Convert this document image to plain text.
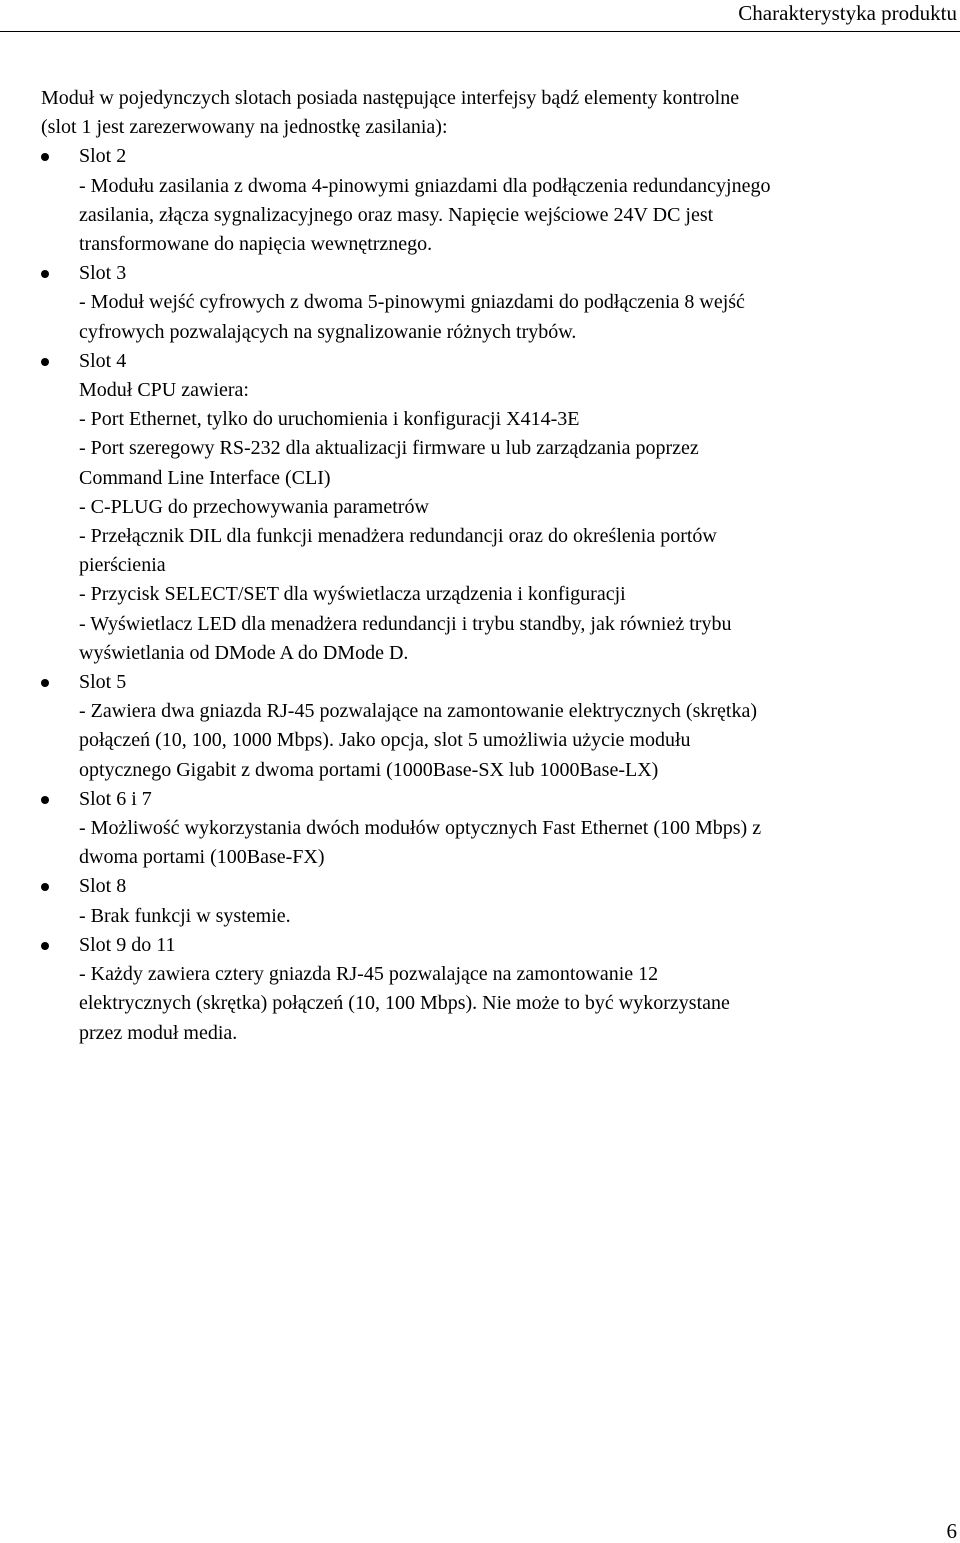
Charakterystyka produktu

Moduł w pojedynczych slotach posiada następujące interfejsy bądź elementy kontrolne

(slot 1 jest zarezerwowany na jednostkę zasilania):

Slot 2
- Modułu zasilania z dwoma 4-pinowymi gniazdami dla podłączenia redundancyjnego
zasilania, złącza sygnalizacyjnego oraz masy. Napięcie wejściowe 24V DC jest
transformowane do napięcia wewnętrznego.
Slot 3
- Moduł wejść cyfrowych z dwoma 5-pinowymi gniazdami do podłączenia 8 wejść
cyfrowych pozwalających na sygnalizowanie różnych trybów.
Slot 4
Moduł CPU zawiera:
- Port Ethernet, tylko do uruchomienia i konfiguracji X414-3E
- Port szeregowy RS-232 dla aktualizacji firmware u lub zarządzania poprzez
Command Line Interface (CLI)
- C-PLUG do przechowywania parametrów
- Przełącznik DIL dla funkcji menadżera redundancji oraz do określenia portów
pierścienia
- Przycisk SELECT/SET dla wyświetlacza urządzenia i konfiguracji
- Wyświetlacz LED dla menadżera redundancji i trybu standby, jak również trybu
wyświetlania od DMode A do DMode D.
Slot 5
- Zawiera dwa gniazda RJ-45 pozwalające na zamontowanie elektrycznych (skrętka)
połączeń (10, 100, 1000 Mbps). Jako opcja, slot 5 umożliwia użycie modułu
optycznego Gigabit z dwoma portami (1000Base-SX lub 1000Base-LX)
Slot 6 i 7
- Możliwość wykorzystania dwóch modułów optycznych Fast Ethernet (100 Mbps) z
dwoma portami (100Base-FX)
Slot 8
- Brak funkcji w systemie.
Slot 9 do 11
- Każdy zawiera cztery gniazda RJ-45 pozwalające na zamontowanie 12
elektrycznych (skrętka) połączeń (10, 100 Mbps). Nie może to być wykorzystane
przez moduł media.
6
